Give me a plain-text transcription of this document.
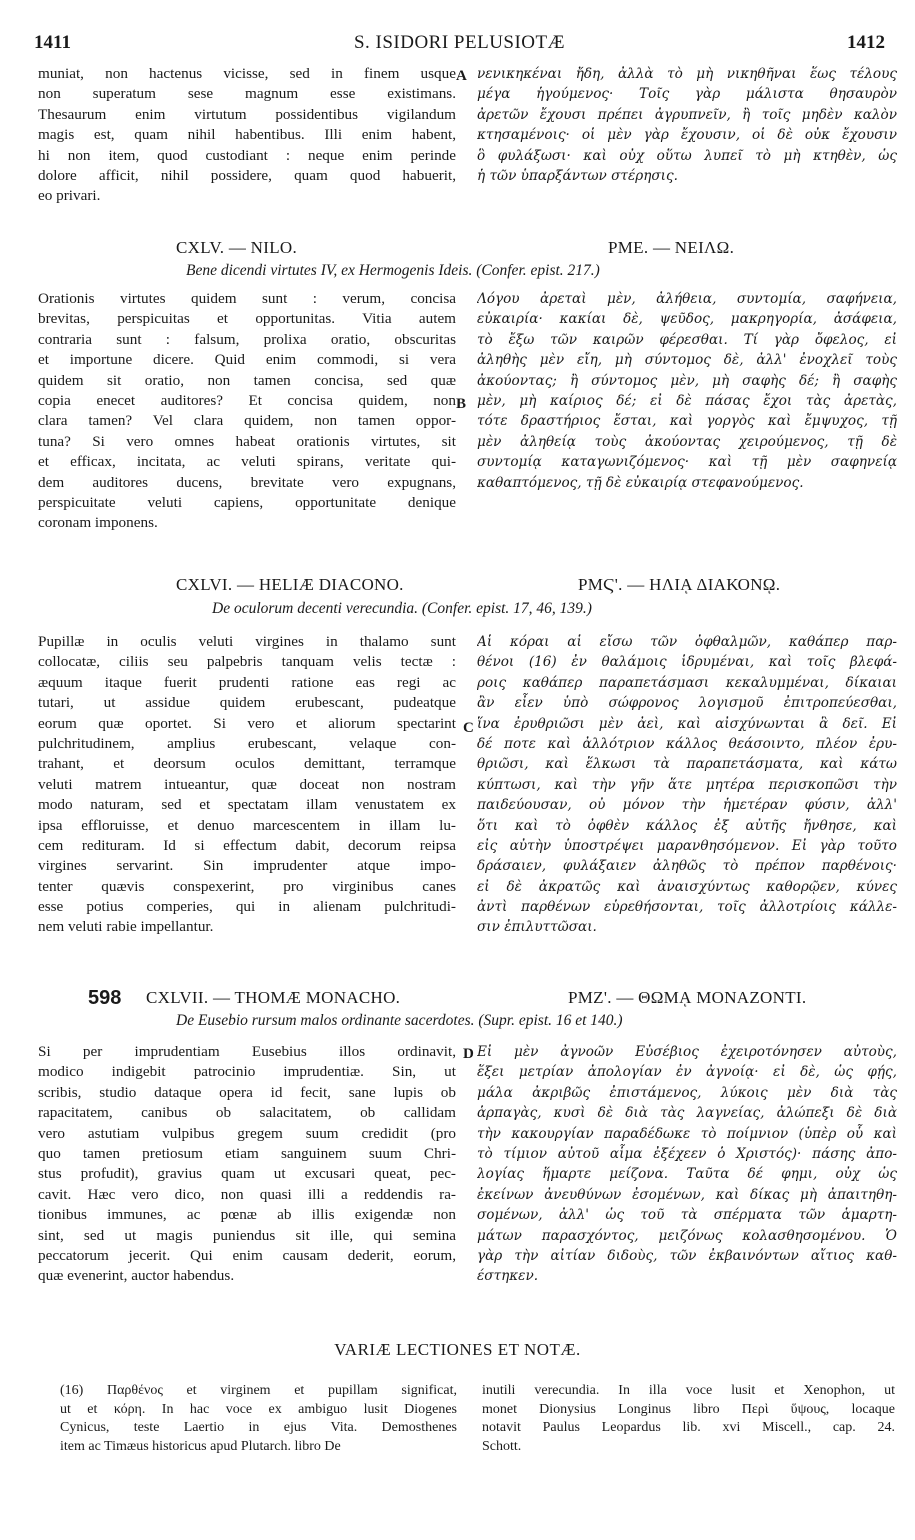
1411	S. ISIDORI PELUSIOTÆ	1412
A
B
C
D
muniat, non hactenus vicisse, sed in finem usque
non superatum sese magnum esse existimans.
Thesaurum enim virtutum possidentibus vigilandum
magis est, quam nihil habentibus. Illi enim habent,
hi non item, quod custodiant : neque enim perinde
dolore afficit, nihil possidere, quam quod habuerit,
eo privari.
νενικηκέναι ἤδη, ἀλλὰ τὸ μὴ νικηθῆναι ἕως τέλους
μέγα ἡγούμενος· Τοῖς γὰρ μάλιστα θησαυρὸν
ἀρετῶν ἔχουσι πρέπει ἀγρυπνεῖν, ἢ τοῖς μηδὲν καλὸν
κτησαμένοις· οἱ μὲν γὰρ ἔχουσιν, οἱ δὲ οὐκ ἔχουσιν
ὃ φυλάξωσι· καὶ οὐχ οὕτω λυπεῖ τὸ μὴ κτηθὲν, ὡς
ἡ τῶν ὑπαρξάντων στέρησις.
CXLV. — NILO.	ΡΜΕ. — ΝΕΙΛΩ.
Bene dicendi virtutes IV, ex Hermogenis Ideis. (Confer. epist. 217.)
Orationis virtutes quidem sunt : verum, concisa
brevitas, perspicuitas et opportunitas. Vitia autem
contraria sunt : falsum, prolixa oratio, obscuritas
et importune dicere. Quid enim commodi, si vera
quidem sit oratio, non tamen concisa, sed quæ
copia enecet auditores? Et concisa quidem, non
clara tamen? Vel clara quidem, non tamen oppor-
tuna? Si vero omnes habeat orationis virtutes, sit
et efficax, incitata, ac veluti spirans, veritate qui-
dem auditores ducens, brevitate vero expugnans,
perspicuitate veluti capiens, opportunitate denique
coronam imponens.
Λόγου ἀρεταὶ μὲν, ἀλήθεια, συντομία, σαφήνεια,
εὐκαιρία· κακίαι δὲ, ψεῦδος, μακρηγορία, ἀσάφεια,
τὸ ἔξω τῶν καιρῶν φέρεσθαι. Τί γὰρ ὄφελος, εἰ
ἀληθὴς μὲν εἴη, μὴ σύντομος δὲ, ἀλλ' ἐνοχλεῖ τοὺς
ἀκούοντας; ἢ σύντομος μὲν, μὴ σαφὴς δέ; ἢ σαφὴς
μὲν, μὴ καίριος δέ; εἰ δὲ πάσας ἔχοι τὰς ἀρετὰς,
τότε δραστήριος ἔσται, καὶ γοργὸς καὶ ἔμψυχος, τῇ
μὲν ἀληθείᾳ τοὺς ἀκούοντας χειρούμενος, τῇ δὲ
συντομίᾳ καταγωνιζόμενος· καὶ τῇ μὲν σαφηνείᾳ
καθαπτόμενος, τῇ δὲ εὐκαιρίᾳ στεφανούμενος.
CXLVI. — HELIÆ DIACONO.	ΡΜϚ'. — ΗΛΙᾼ ΔΙΑΚΟΝῼ.
De oculorum decenti verecundia. (Confer. epist. 17, 46, 139.)
Pupillæ in oculis veluti virgines in thalamo sunt
collocatæ, ciliis seu palpebris tanquam velis tectæ :
æquum itaque fuerit prudenti ratione eas regi ac
tutari, ut assidue quidem erubescant, pudeatque
eorum quæ oportet. Si vero et aliorum spectarint
pulchritudinem, amplius erubescant, velaque con-
trahant, et deorsum oculos demittant, terramque
veluti matrem intueantur, quæ doceat non nostram
modo naturam, sed et spectatam illam venustatem ex
ipsa effloruisse, et denuo marcescentem in illam lu-
cem redituram. Id si effectum dabit, decorum reipsa
virgines servarint. Sin imprudenter atque impo-
tenter quævis conspexerint, pro virginibus canes
esse potius comperies, qui in alienam pulchritudi-
nem veluti rabie impellantur.
Αἱ κόραι αἱ εἴσω τῶν ὀφθαλμῶν, καθάπερ παρ-
θένοι (16) ἐν θαλάμοις ἱδρυμέναι, καὶ τοῖς βλεφά-
ροις καθάπερ παραπετάσμασι κεκαλυμμέναι, δίκαιαι
ἂν εἶεν ὑπὸ σώφρονος λογισμοῦ ἐπιτροπεύεσθαι,
ἵνα ἐρυθριῶσι μὲν ἀεὶ, καὶ αἰσχύνωνται ἃ δεῖ. Εἰ
δέ ποτε καὶ ἀλλότριον κάλλος θεάσοιντο, πλέον ἐρυ-
θριῶσι, καὶ ἕλκωσι τὰ παραπετάσματα, καὶ κάτω
κύπτωσι, καὶ τὴν γῆν ἅτε μητέρα περισκοπῶσι τὴν
παιδεύουσαν, οὐ μόνον τὴν ἡμετέραν φύσιν, ἀλλ'
ὅτι καὶ τὸ ὀφθὲν κάλλος ἐξ αὐτῆς ἤνθησε, καὶ
εἰς αὐτὴν ὑποστρέψει μαρανθησόμενον. Εἰ γὰρ τοῦτο
δράσαιεν, φυλάξαιεν ἀληθῶς τὸ πρέπον παρθένοις·
εἰ δὲ ἀκρατῶς καὶ ἀναισχύντως καθορῷεν, κύνες
ἀντὶ παρθένων εὑρεθήσονται, τοῖς ἀλλοτρίοις κάλλε-
σιν ἐπιλυττῶσαι.
598 CXLVII. — THOMÆ MONACHO.	ΡΜΖ'. — ΘΩΜᾼ ΜΟΝΑΖΟΝΤΙ.
De Eusebio rursum malos ordinante sacerdotes. (Supr. epist. 16 et 140.)
Si per imprudentiam Eusebius illos ordinavit,
modico indigebit patrocinio imprudentiæ. Sin, ut
scribis, studio dataque opera id fecit, sane lupis ob
rapacitatem, canibus ob salacitatem, ob callidam
vero astutiam vulpibus gregem suum credidit (pro
quo tamen pretiosum etiam sanguinem suum Chri-
stus profudit), gravius quam ut excusari queat, pec-
cavit. Hæc vero dico, non quasi illi a reddendis ra-
tionibus immunes, ac pœnæ ab illis exigendæ non
sint, sed ut magis puniendus sit ille, qui semina
peccatorum jecerit. Qui enim causam dederit, eorum,
quæ evenerint, auctor habendus.
Εἰ μὲν ἀγνοῶν Εὐσέβιος ἐχειροτόνησεν αὐτοὺς,
ἕξει μετρίαν ἀπολογίαν ἐν ἀγνοίᾳ· εἰ δὲ, ὡς φῄς,
μάλα ἀκριβῶς ἐπιστάμενος, λύκοις μὲν διὰ τὰς
ἁρπαγὰς, κυσὶ δὲ διὰ τὰς λαγνείας, ἀλώπεξι δὲ διὰ
τὴν κακουργίαν παραδέδωκε τὸ ποίμνιον (ὑπὲρ οὗ καὶ
τὸ τίμιον αὐτοῦ αἷμα ἐξέχεεν ὁ Χριστός)· πάσης ἀπο-
λογίας ἥμαρτε μείζονα. Ταῦτα δέ φημι, οὐχ ὡς
ἐκείνων ἀνευθύνων ἐσομένων, καὶ δίκας μὴ ἀπαιτηθη-
σομένων, ἀλλ' ὡς τοῦ τὰ σπέρματα τῶν ἁμαρτη-
μάτων παρασχόντος, μειζόνως κολασθησομένου. Ὁ
γὰρ τὴν αἰτίαν διδοὺς, τῶν ἐκβαινόντων αἴτιος καθ-
έστηκεν.
VARIÆ LECTIONES ET NOTÆ.
(16) Παρθένος et virginem et pupillam significat,
ut et κόρη. In hac voce ex ambiguo lusit Diogenes
Cynicus, teste Laertio in ejus Vita. Demosthenes
item ac Timæus historicus apud Plutarch. libro De
inutili verecundia. In illa voce lusit et Xenophon, ut
monet Dionysius Longinus libro Περὶ ὕψους, locaque
notavit Paulus Leopardus lib. xvi Miscell., cap. 24.
Schott.
